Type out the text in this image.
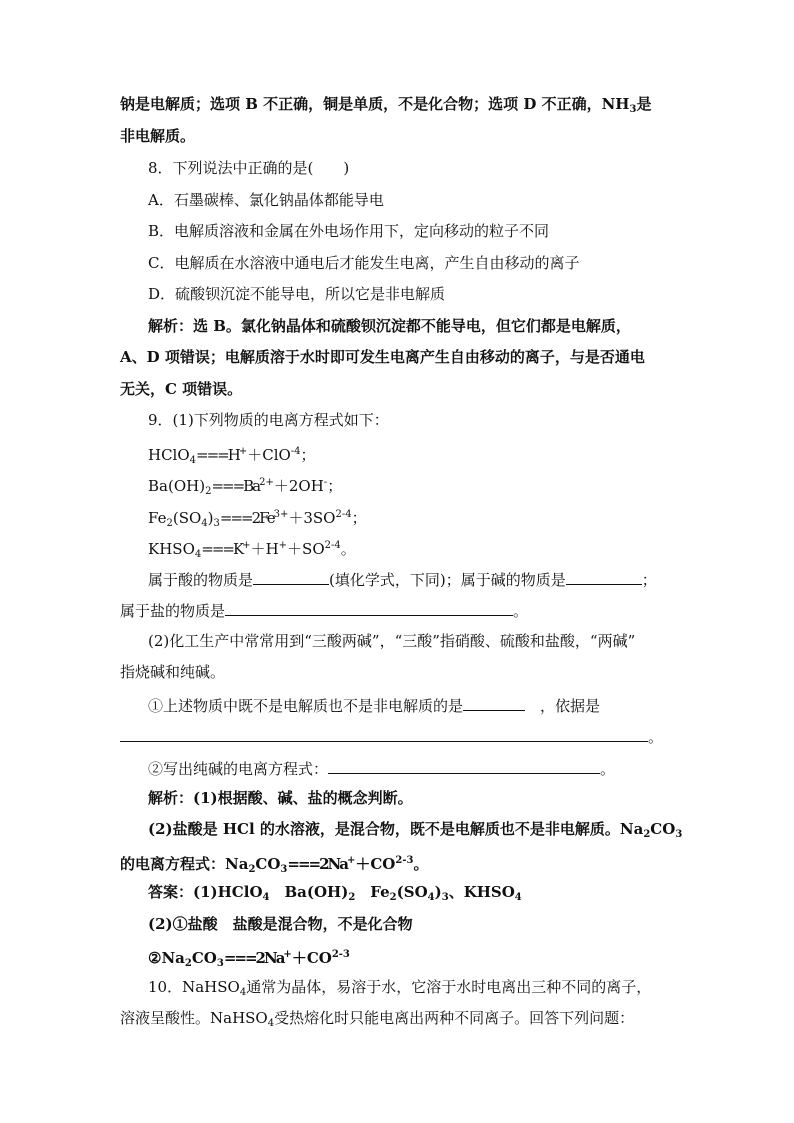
钠是电解质；选项 B 不正确，铜是单质，不是化合物；选项 D 不正确，$NH_3$是
非电解质。
8．下列说法中正确的是(　　)
A．石墨碳棒、氯化钠晶体都能导电
B．电解质溶液和金属在外电场作用下，定向移动的粒子不同
C．电解质在水溶液中通电后才能发生电离，产生自由移动的离子
D．硫酸钡沉淀不能导电，所以它是非电解质
解析：选 B。氯化钠晶体和硫酸钡沉淀都不能导电，但它们都是电解质，
A、D 项错误；电解质溶于水时即可发生电离产生自由移动的离子，与是否通电
无关，C 项错误。
9．(1)下列物质的电离方程式如下：
HClO$_4$===H+＋ClO$^{-4}$；
$Ba(OH)_2===Ba^{2+}+2OH^-$；
$Fe_2(SO_4)_3===2Fe^{3+}+3SO^{2-4}$；
$KHSO_4===K^++H^++SO^{2-4}$。
属于酸的物质是	(填化学式，下同)；属于碱的物质是	；
属于盐的物质是	。
(2)化工生产中常常用到“三酸两碱”，“三酸”指硝酸、硫酸和盐酸，“两碱”
指烧碱和纯碱。
①上述物质中既不是电解质也不是非电解质的是　	，依据是
。
②写出纯碱的电离方程式：	。
解析：(1)根据酸、碱、盐的概念判断。
(2)盐酸是 HCl 的水溶液，是混合物，既不是电解质也不是非电解质。$Na_2CO_3$
的电离方程式：$Na_2CO_3===2Na^++CO^{2-3}$。
答案：(1)HClO$_4$　$Ba(OH)_2$　$Fe_2(SO_4)_3$、$KHSO_4$
(2)①盐酸　盐酸是混合物，不是化合物
$②Na_2CO_3===2Na^++CO^{2-3}$
10．NaHSO$_4$通常为晶体，易溶于水，它溶于水时电离出三种不同的离子，
溶液呈酸性。NaHSO$_4$受热熔化时只能电离出两种不同离子。回答下列问题：
